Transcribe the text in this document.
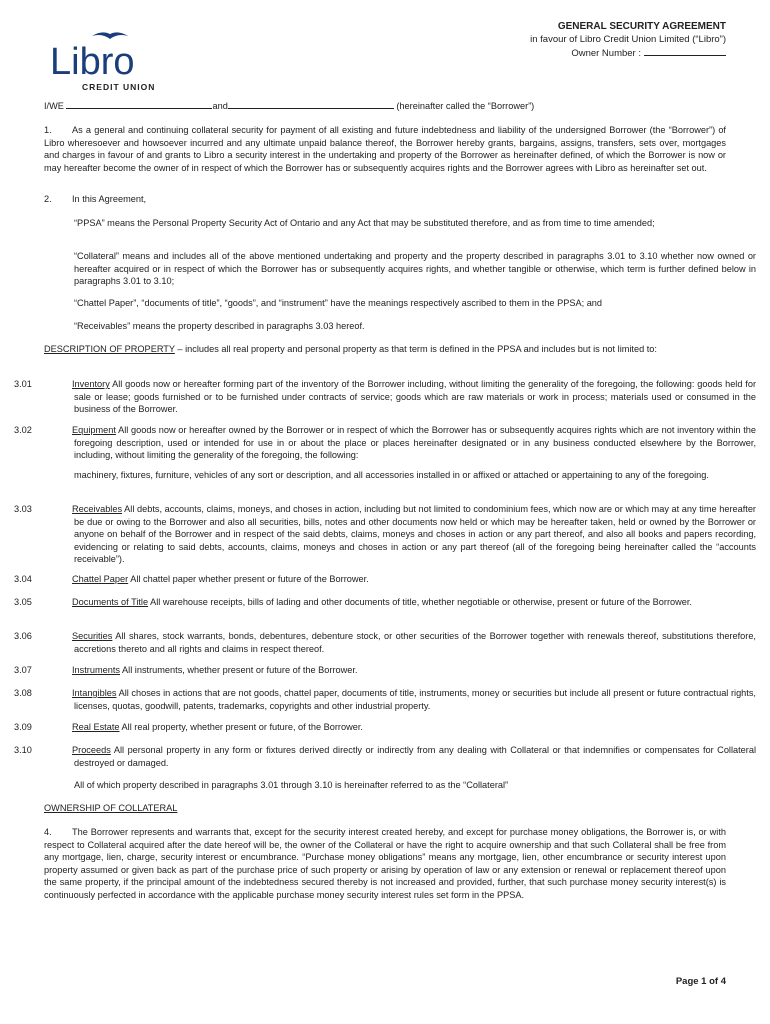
Libro
CREDIT UNION
GENERAL SECURITY AGREEMENT
in favour of Libro Credit Union Limited (“Libro”)
Owner Number :
I/WE	and	(hereinafter called the “Borrower”)
1. As a general and continuing collateral security for payment of all existing and future indebtedness and liability of the undersigned Borrower (the “Borrower”) of Libro wheresoever and howsoever incurred and any ultimate unpaid balance thereof, the Borrower hereby grants, bargains, assigns, transfers, sets over, mortgages and charges in favour of and grants to Libro a security interest in the undertaking and property of the Borrower as hereinafter defined, of which the Borrower is now or may hereafter become the owner of in respect of which the Borrower has or subsequently acquires rights and the Borrower agrees with Libro as hereinafter set out.
2. In this Agreement,
“PPSA” means the Personal Property Security Act of Ontario and any Act that may be substituted therefore, and as from time to time amended;
“Collateral” means and includes all of the above mentioned undertaking and property and the property described in paragraphs 3.01 to 3.10 whether now owned or hereafter acquired or in respect of which the Borrower has or subsequently acquires rights, and whether tangible or otherwise, which term is further defined below in paragraphs 3.01 to 3.10;
“Chattel Paper”, “documents of title”, “goods”, and “instrument” have the meanings respectively ascribed to them in the PPSA; and
“Receivables” means the property described in paragraphs 3.03 hereof.
DESCRIPTION OF PROPERTY – includes all real property and personal property as that term is defined in the PPSA and includes but is not limited to:
3.01	Inventory All goods now or hereafter forming part of the inventory of the Borrower including, without limiting the generality of the foregoing, the following: goods held for sale or lease; goods furnished or to be furnished under contracts of service; goods which are raw materials or work in process; materials used or consumed in the business of the Borrower.
3.02	Equipment All goods now or hereafter owned by the Borrower or in respect of which the Borrower has or subsequently acquires rights which are not inventory within the foregoing description, used or intended for use in or about the place or places hereinafter designated or in any business conducted elsewhere by the Borrower, including, without limiting the generality of the foregoing, the following:
machinery, fixtures, furniture, vehicles of any sort or description, and all accessories installed in or affixed or attached or appertaining to any of the foregoing.
3.03	Receivables All debts, accounts, claims, moneys, and choses in action, including but not limited to condominium fees, which now are or which may at any time hereafter be due or owing to the Borrower and also all securities, bills, notes and other documents now held or which may be hereafter taken, held or owned by the Borrower or anyone on behalf of the Borrower and in respect of the said debts, claims, moneys and choses in action or any part thereof, and also all books and papers recording, evidencing or relating to said debts, accounts, claims, moneys and choses in action or any part thereof (all of the foregoing being hereinafter called the “accounts receivable”).
3.04	Chattel Paper All chattel paper whether present or future of the Borrower.
3.05	Documents of Title All warehouse receipts, bills of lading and other documents of title, whether negotiable or otherwise, present or future of the Borrower.
3.06	Securities All shares, stock warrants, bonds, debentures, debenture stock, or other securities of the Borrower together with renewals thereof, substitutions therefore, accretions thereto and all rights and claims in respect thereof.
3.07	Instruments All instruments, whether present or future of the Borrower.
3.08	Intangibles All choses in actions that are not goods, chattel paper, documents of title, instruments, money or securities but include all present or future contractual rights, licenses, quotas, goodwill, patents, trademarks, copyrights and other industrial property.
3.09	Real Estate All real property, whether present or future, of the Borrower.
3.10	Proceeds All personal property in any form or fixtures derived directly or indirectly from any dealing with Collateral or that indemnifies or compensates for Collateral destroyed or damaged.
All of which property described in paragraphs 3.01 through 3.10 is hereinafter referred to as the “Collateral”
OWNERSHIP OF COLLATERAL
4. The Borrower represents and warrants that, except for the security interest created hereby, and except for purchase money obligations, the Borrower is, or with respect to Collateral acquired after the date hereof will be, the owner of the Collateral or have the right to acquire ownership and that such Collateral shall be free from any mortgage, lien, charge, security interest or encumbrance. “Purchase money obligations” means any mortgage, lien, other encumbrance or security interest upon property assumed or given back as part of the purchase price of such property or arising by operation of law or any extension or renewal or replacement thereof upon the same property, if the principal amount of the indebtedness secured thereby is not increased and provided, further, that such purchase money security interest(s) is continuously perfected in accordance with the applicable purchase money security interest rules set form in the PPSA.
Page 1 of 4
